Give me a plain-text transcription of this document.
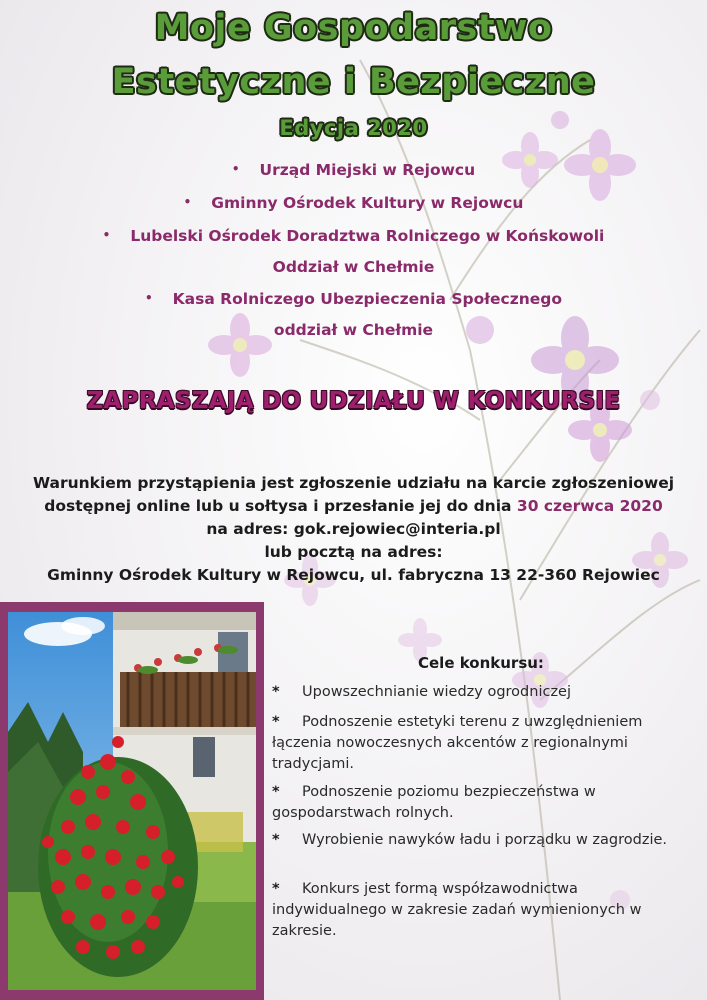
Moje Gospodarstwo
Estetyczne i Bezpieczne
Edycja 2020
• Urząd Miejski w Rejowcu
• Gminny Ośrodek Kultury w Rejowcu
• Lubelski Ośrodek Doradztwa Rolniczego w Końskowoli
Oddział w Chełmie
• Kasa Rolniczego Ubezpieczenia Społecznego
oddział w Chełmie
ZAPRASZAJĄ DO UDZIAŁU W KONKURSIE
Warunkiem przystąpienia jest zgłoszenie udziału na karcie zgłoszeniowej
dostępnej online lub u sołtysa i przesłanie jej do dnia 30 czerwca 2020
na adres: gok.rejowiec@interia.pl
lub pocztą na adres:
Gminny Ośrodek Kultury w Rejowcu, ul. fabryczna 13 22-360 Rejowiec
Cele konkursu:
* Upowszechnianie wiedzy ogrodniczej
* Podnoszenie estetyki terenu z uwzględnieniem łączenia nowoczesnych akcentów z regionalnymi tradycjami.
* Podnoszenie poziomu bezpieczeństwa w gospodarstwach rolnych.
* Wyrobienie nawyków ładu i porządku w zagrodzie.
* Konkurs jest formą współzawodnictwa indywidualnego w zakresie zadań wymienionych w zakresie.
